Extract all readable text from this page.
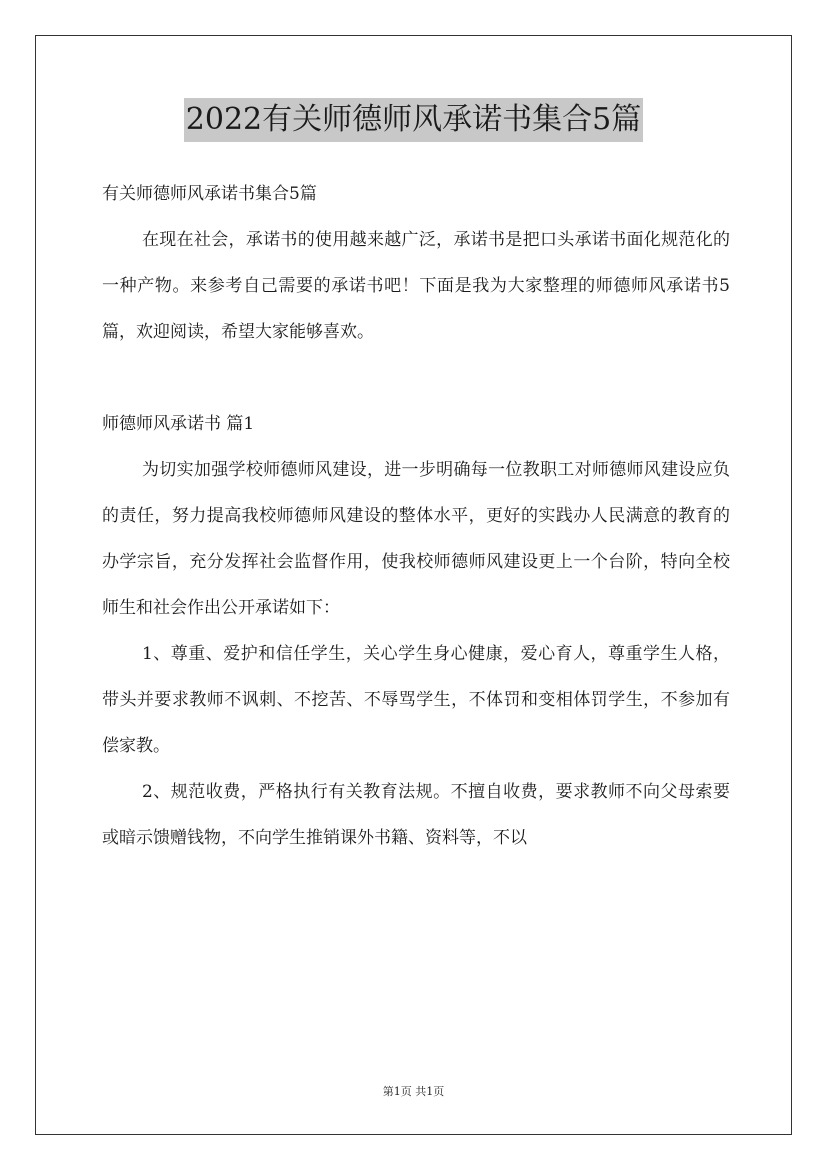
2022有关师德师风承诺书集合5篇

有关师德师风承诺书集合5篇

在现在社会，承诺书的使用越来越广泛，承诺书是把口头承诺书面化规范化的一种产物。来参考自己需要的承诺书吧！下面是我为大家整理的师德师风承诺书5篇，欢迎阅读，希望大家能够喜欢。

师德师风承诺书 篇1

为切实加强学校师德师风建设，进一步明确每一位教职工对师德师风建设应负的责任，努力提高我校师德师风建设的整体水平，更好的实践办人民满意的教育的办学宗旨，充分发挥社会监督作用，使我校师德师风建设更上一个台阶，特向全校师生和社会作出公开承诺如下：

1、尊重、爱护和信任学生，关心学生身心健康，爱心育人，尊重学生人格，带头并要求教师不讽刺、不挖苦、不辱骂学生，不体罚和变相体罚学生，不参加有偿家教。

2、规范收费，严格执行有关教育法规。不擅自收费，要求教师不向父母索要或暗示馈赠钱物，不向学生推销课外书籍、资料等，不以

第1页 共1页
